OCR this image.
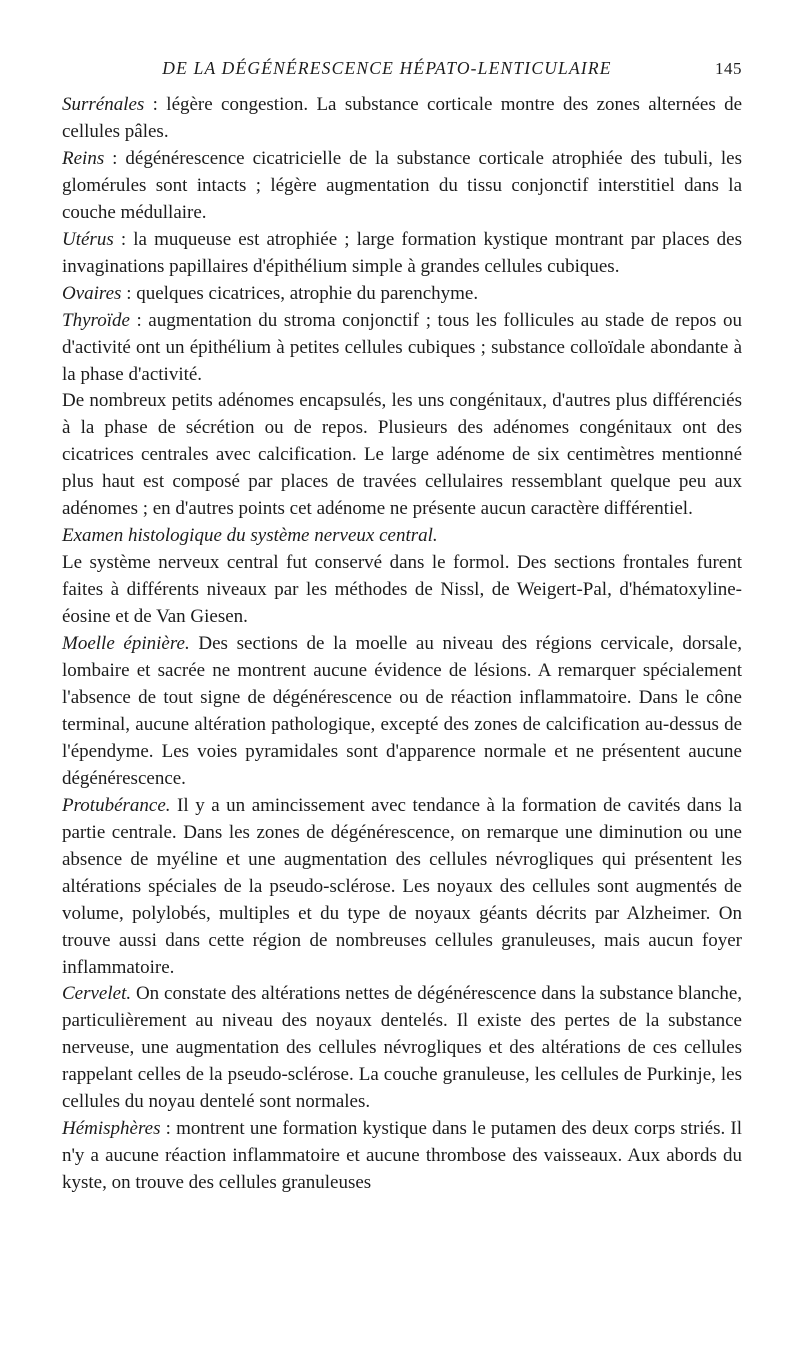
DE LA DÉGÉNÉRESCENCE HÉPATO-LENTICULAIRE	145

Surrénales : légère congestion. La substance corticale montre des zones alternées de cellules pâles.

Reins : dégénérescence cicatricielle de la substance corticale atrophiée des tubuli, les glomérules sont intacts ; légère augmentation du tissu conjonctif interstitiel dans la couche médullaire.

Utérus : la muqueuse est atrophiée ; large formation kystique montrant par places des invaginations papillaires d'épithélium simple à grandes cellules cubiques.

Ovaires : quelques cicatrices, atrophie du parenchyme.

Thyroïde : augmentation du stroma conjonctif ; tous les follicules au stade de repos ou d'activité ont un épithélium à petites cellules cubiques ; substance colloïdale abondante à la phase d'activité.

De nombreux petits adénomes encapsulés, les uns congénitaux, d'autres plus différenciés à la phase de sécrétion ou de repos. Plusieurs des adénomes congénitaux ont des cicatrices centrales avec calcification. Le large adénome de six centimètres mentionné plus haut est composé par places de travées cellulaires ressemblant quelque peu aux adénomes ; en d'autres points cet adénome ne présente aucun caractère différentiel.

Examen histologique du système nerveux central.

Le système nerveux central fut conservé dans le formol. Des sections frontales furent faites à différents niveaux par les méthodes de Nissl, de Weigert-Pal, d'hématoxyline-éosine et de Van Giesen.

Moelle épinière. Des sections de la moelle au niveau des régions cervicale, dorsale, lombaire et sacrée ne montrent aucune évidence de lésions. A remarquer spécialement l'absence de tout signe de dégénérescence ou de réaction inflammatoire. Dans le cône terminal, aucune altération pathologique, excepté des zones de calcification au-dessus de l'épendyme. Les voies pyramidales sont d'apparence normale et ne présentent aucune dégénérescence.

Protubérance. Il y a un amincissement avec tendance à la formation de cavités dans la partie centrale. Dans les zones de dégénérescence, on remarque une diminution ou une absence de myéline et une augmentation des cellules névrogliques qui présentent les altérations spéciales de la pseudo-sclérose. Les noyaux des cellules sont augmentés de volume, polylobés, multiples et du type de noyaux géants décrits par Alzheimer. On trouve aussi dans cette région de nombreuses cellules granuleuses, mais aucun foyer inflammatoire.

Cervelet. On constate des altérations nettes de dégénérescence dans la substance blanche, particulièrement au niveau des noyaux dentelés. Il existe des pertes de la substance nerveuse, une augmentation des cellules névrogliques et des altérations de ces cellules rappelant celles de la pseudo-sclérose. La couche granuleuse, les cellules de Purkinje, les cellules du noyau dentelé sont normales.

Hémisphères : montrent une formation kystique dans le putamen des deux corps striés. Il n'y a aucune réaction inflammatoire et aucune thrombose des vaisseaux. Aux abords du kyste, on trouve des cellules granuleuses
